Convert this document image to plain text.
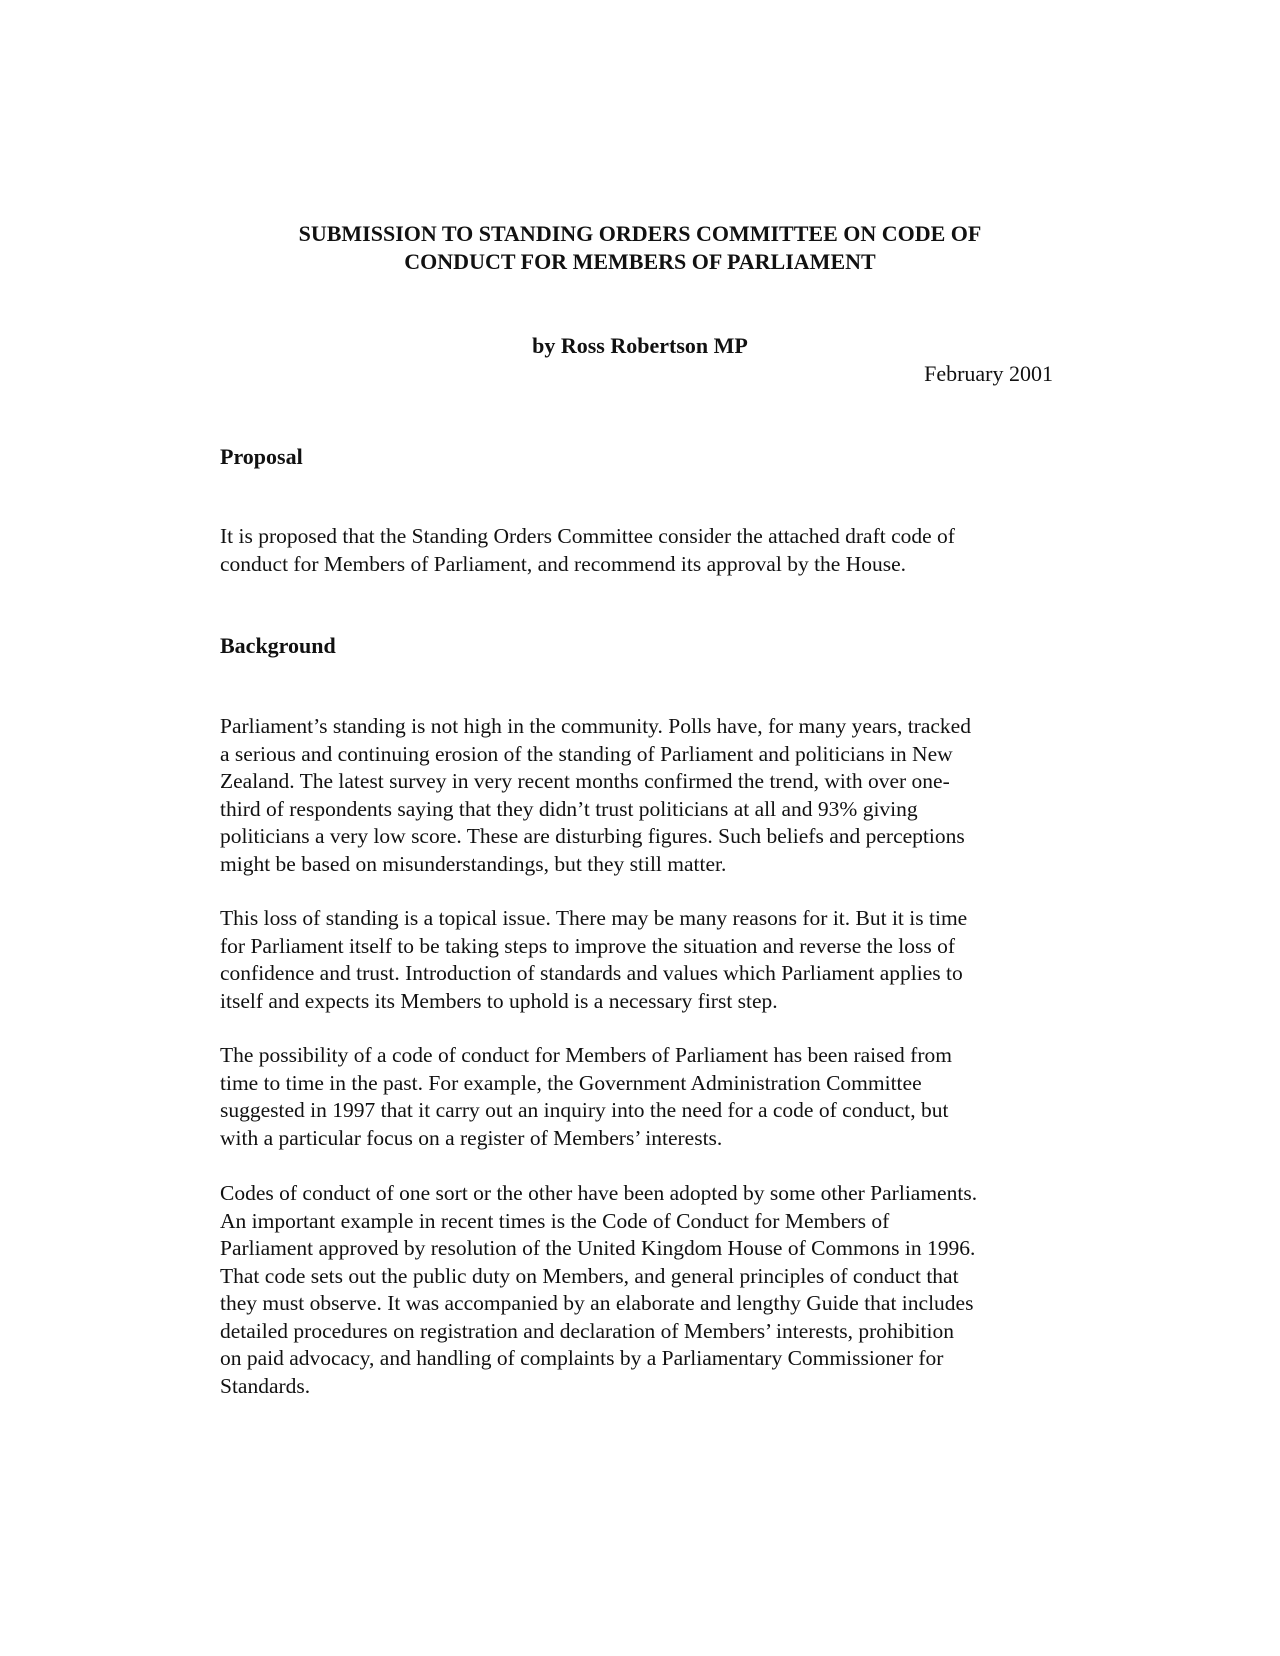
SUBMISSION TO STANDING ORDERS COMMITTEE ON CODE OF
CONDUCT FOR MEMBERS OF PARLIAMENT

by Ross Robertson MP

February 2001

Proposal

It is proposed that the Standing Orders Committee consider the attached draft code of
conduct for Members of Parliament, and recommend its approval by the House.

Background

Parliament’s standing is not high in the community. Polls have, for many years, tracked
a serious and continuing erosion of the standing of Parliament and politicians in New
Zealand. The latest survey in very recent months confirmed the trend, with over one-
third of respondents saying that they didn’t trust politicians at all and 93% giving
politicians a very low score. These are disturbing figures. Such beliefs and perceptions
might be based on misunderstandings, but they still matter.

This loss of standing is a topical issue. There may be many reasons for it. But it is time
for Parliament itself to be taking steps to improve the situation and reverse the loss of
confidence and trust. Introduction of standards and values which Parliament applies to
itself and expects its Members to uphold is a necessary first step.

The possibility of a code of conduct for Members of Parliament has been raised from
time to time in the past. For example, the Government Administration Committee
suggested in 1997 that it carry out an inquiry into the need for a code of conduct, but
with a particular focus on a register of Members’ interests.

Codes of conduct of one sort or the other have been adopted by some other Parliaments.
An important example in recent times is the Code of Conduct for Members of
Parliament approved by resolution of the United Kingdom House of Commons in 1996.
That code sets out the public duty on Members, and general principles of conduct that
they must observe. It was accompanied by an elaborate and lengthy Guide that includes
detailed procedures on registration and declaration of Members’ interests, prohibition
on paid advocacy, and handling of complaints by a Parliamentary Commissioner for
Standards.
